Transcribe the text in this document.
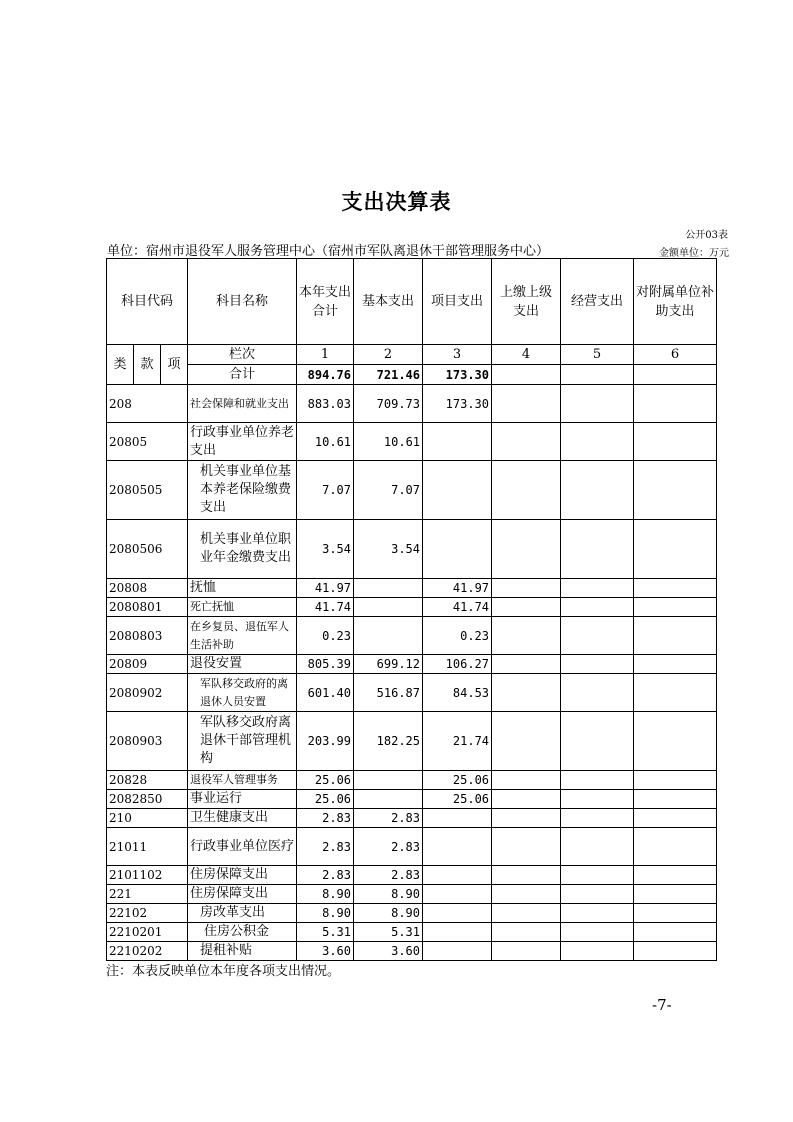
支出决算表
公开03表
单位：宿州市退役军人服务管理中心（宿州市军队离退休干部管理服务中心）	金额单位：万元
科目代码			科目名称	本年支出合计	基本支出	项目支出	上缴上级支出	经营支出	对附属单位补助支出
类	款	项	栏次	1	2	3	4	5	6
			合计	894.76	721.46	173.30			
208			社会保障和就业支出	883.03	709.73	173.30			
20805			行政事业单位养老支出	10.61	10.61				
2080505			机关事业单位基本养老保险缴费支出	7.07	7.07				
2080506			机关事业单位职业年金缴费支出	3.54	3.54				
20808			抚恤	41.97		41.97			
2080801			死亡抚恤	41.74		41.74			
2080803			在乡复员、退伍军人生活补助	0.23		0.23			
20809			退役安置	805.39	699.12	106.27			
2080902			军队移交政府的离退休人员安置	601.40	516.87	84.53			
2080903			军队移交政府离退休干部管理机构	203.99	182.25	21.74			
20828			退役军人管理事务	25.06		25.06			
2082850			事业运行	25.06		25.06			
210			卫生健康支出	2.83	2.83				
21011			行政事业单位医疗	2.83	2.83				
2101102			住房保障支出	2.83	2.83				
221			住房保障支出	8.90	8.90				
22102			房改革支出	8.90	8.90				
2210201			住房公积金	5.31	5.31				
2210202			提租补贴	3.60	3.60				
注：本表反映单位本年度各项支出情况。
-7-
